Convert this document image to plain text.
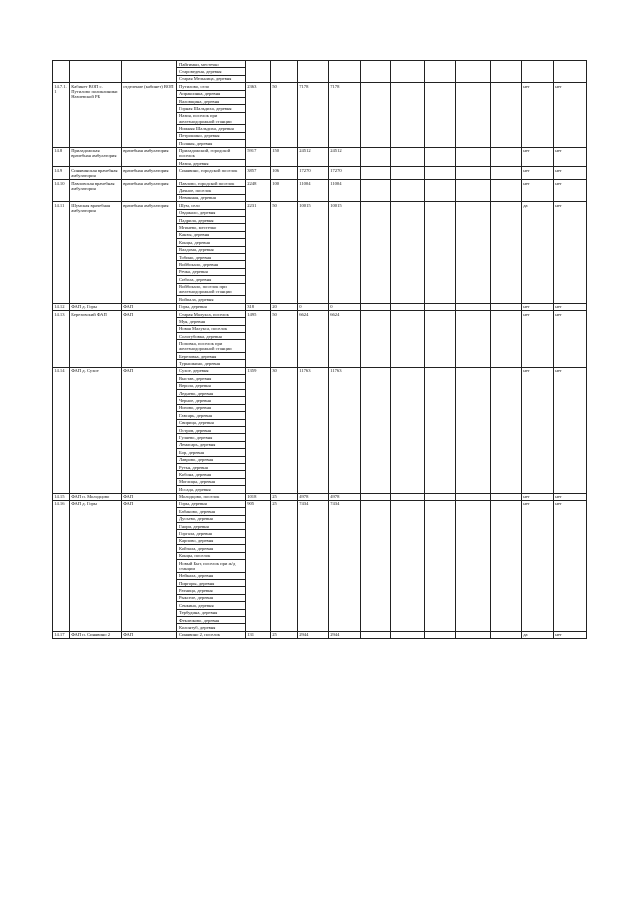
			Пайгимки, местечко											
			Староведеня, деревня											
			Старая Мельница, деревня											
14.7.1.1	Кабинет ВОП с. Путилово поликлиники Назиевской РБ	отделение (кабинет) ВОП	Путилово, село	2363	50	7178	7178						нет	нет
			Апраксинка, деревня											
			Валовщина, деревня											
			Горная Шальдиха, деревня											
			Назия, поселок при железнодорожной станции											
			Нижняя Шальдиха, деревня											
			Петрошино, деревня											
			Поляны, деревня											
14.8	Приладожская врачебная амбулатория	врачебная амбулатория	Приладожский, городской поселок	5917	150	24512	24512						нет	нет
			Назия, деревня											
14.9	Синявинская врачебная амбулатория	врачебная амбулатория	Синявино, городской поселок	3857	106	17270	17270						нет	нет
14.10	Павловская врачебная амбулатория	врачебная амбулатория	Павлово, городской поселок	2248	100	11004	11004						нет	нет
			Дачное, поселок											
			Невинная, деревня											
14.11	Шумская врачебная амбулатория	врачебная амбулатория	Шум, село	2231	50	10015	10015						да	нет
			Овдакало, деревня											
			Падрила, деревня											
			Мгинево, местечко											
			Канзы, деревня											
			Концы, деревня											
			Валдома, деревня											
			Тобино, деревня											
			Войбокало, деревня											
			Речка, деревня											
			Сибола, деревня											
			Войбокало, поселок при железнодорожной станции											
			Войпала, деревня											
14.12	ФАП д. Горы	ФАП	Горы, деревня	318	20	0	0						нет	нет
14.13	Березовский ФАП	ФАП	Старая Малукса, поселок	1495	50	6624	6624						нет	нет
			Муя, деревня											
			Новая Малукса, поселок											
			Сологубовка, деревня											
			Поповка, поселок при железнодорожной станции											
			Березовка, деревня											
			Турышкино, деревня											
14.14	ФАП д. Сухое	ФАП	Сухое, деревня	1359	30	11763	11763						нет	нет
			Выстав, деревня											
			Верола, деревня											
			Леднево, деревня											
			Черное, деревня											
			Низово, деревня											
			Гавсарь, деревня											
			Свирица, деревня											
			Остров, деревня											
			Гуляево, деревня											
			Лемасарь, деревня											
			Бор, деревня											
			Лаврово, деревня											
			Рутья, деревня											
			Кобона, деревня											
			Моглицы, деревня											
			Иссада, деревня											
14.15	ФАП п. Молодцово	ФАП	Молодцово, поселок	1018	25	4978	4978						нет	нет
14.16	ФАП д. Горы	ФАП	Горы, деревня	905	25	7434	7434						нет	нет
			Бабаново, деревня											
			Дусьево, деревня											
			Гнори, деревня											
			Горгала, деревня											
			Карпово, деревня											
			Койчала, деревня											
			Концы, поселок											
			Новый Быт, поселок при ж/д станции											
			Нейкала, деревня											
			Пиргоры, деревня											
			Ратница, деревня											
			Рыкселе, деревня											
			Сенкина, деревня											
			Тербудина, деревня											
			Феклюково, деревня											
			Колонтуб, деревня											
14.17	ФАП п. Синявино 2	ФАП	Синявино 2, поселок	131	25	2944	2944						да	нет
